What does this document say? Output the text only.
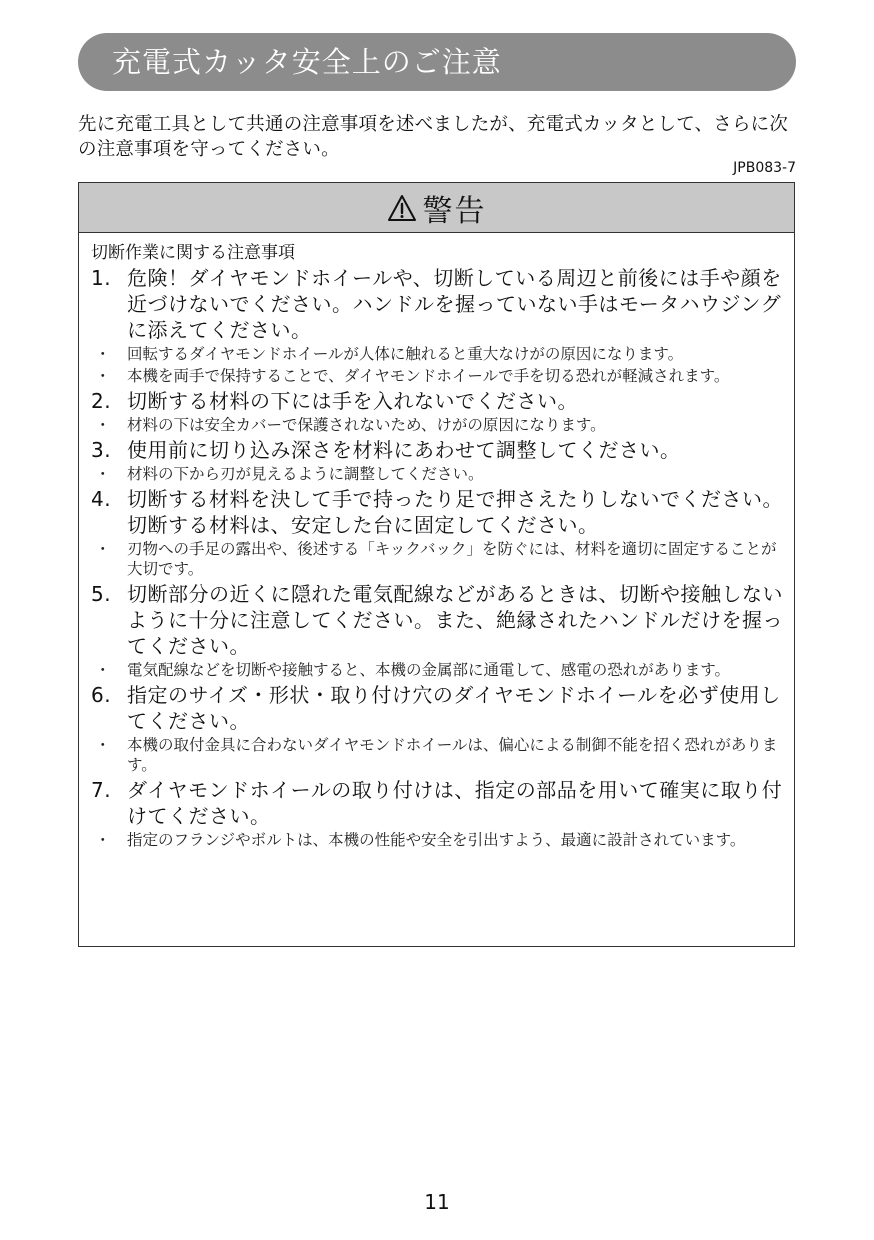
充電式カッタ安全上のご注意
先に充電工具として共通の注意事項を述べましたが、充電式カッタとして、さらに次の注意事項を守ってください。
JPB083-7
警告
切断作業に関する注意事項
1. 危険！ダイヤモンドホイールや、切断している周辺と前後には手や顔を近づけないでください。ハンドルを握っていない手はモータハウジングに添えてください。
・	回転するダイヤモンドホイールが人体に触れると重大なけがの原因になります。
・	本機を両手で保持することで、ダイヤモンドホイールで手を切る恐れが軽減されます。
2. 切断する材料の下には手を入れないでください。
・	材料の下は安全カバーで保護されないため、けがの原因になります。
3. 使用前に切り込み深さを材料にあわせて調整してください。
・	材料の下から刃が見えるように調整してください。
4. 切断する材料を決して手で持ったり足で押さえたりしないでください。切断する材料は、安定した台に固定してください。
・	刃物への手足の露出や、後述する「キックバック」を防ぐには、材料を適切に固定することが大切です。
5. 切断部分の近くに隠れた電気配線などがあるときは、切断や接触しないように十分に注意してください。また、絶縁されたハンドルだけを握ってください。
・	電気配線などを切断や接触すると、本機の金属部に通電して、感電の恐れがあります。
6. 指定のサイズ・形状・取り付け穴のダイヤモンドホイールを必ず使用してください。
・	本機の取付金具に合わないダイヤモンドホイールは、偏心による制御不能を招く恐れがあります。
7. ダイヤモンドホイールの取り付けは、指定の部品を用いて確実に取り付けてください。
・	指定のフランジやボルトは、本機の性能や安全を引出すよう、最適に設計されています。
11
